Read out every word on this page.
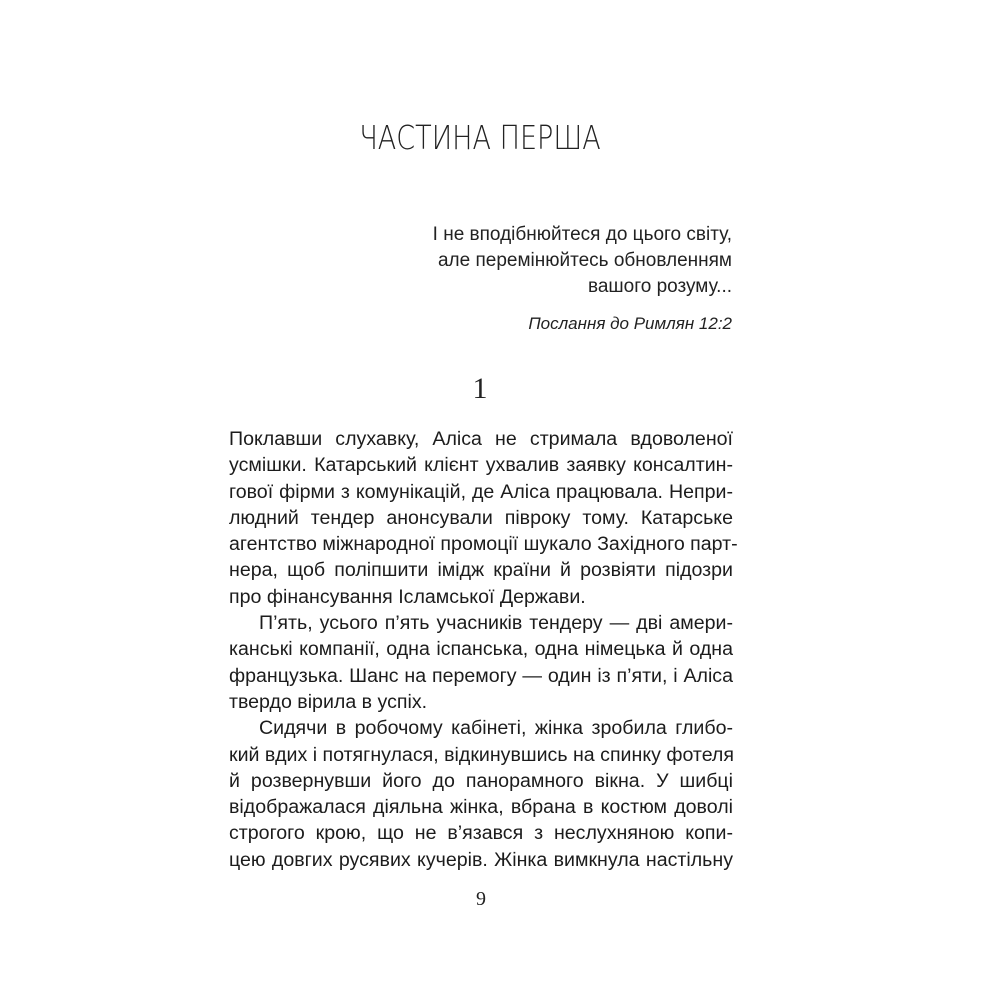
ЧАСТИНА ПЕРША
І не вподібнюйтеся до цього світу,
але перемінюйтесь обновленням
вашого розуму...
Послання до Римлян 12:2
1
Поклавши слухавку, Аліса не стримала вдоволеної
усмішки. Катарський клієнт ухвалив заявку консалтин-
гової фірми з комунікацій, де Аліса працювала. Непри-
людний тендер анонсували півроку тому. Катарське
агентство міжнародної промоції шукало Західного парт-
нера, щоб поліпшити імідж країни й розвіяти підозри
про фінансування Ісламської Держави.
П’ять, усього п’ять учасників тендеру — дві амери-
канські компанії, одна іспанська, одна німецька й одна
французька. Шанс на перемогу — один із п’яти, і Аліса
твердо вірила в успіх.
Сидячи в робочому кабінеті, жінка зробила глибо-
кий вдих і потягнулася, відкинувшись на спинку фотеля
й розвернувши його до панорамного вікна. У шибці
відображалася діяльна жінка, вбрана в костюм доволі
строгого крою, що не в’язався з неслухняною копи-
цею довгих русявих кучерів. Жінка вимкнула настільну
9
